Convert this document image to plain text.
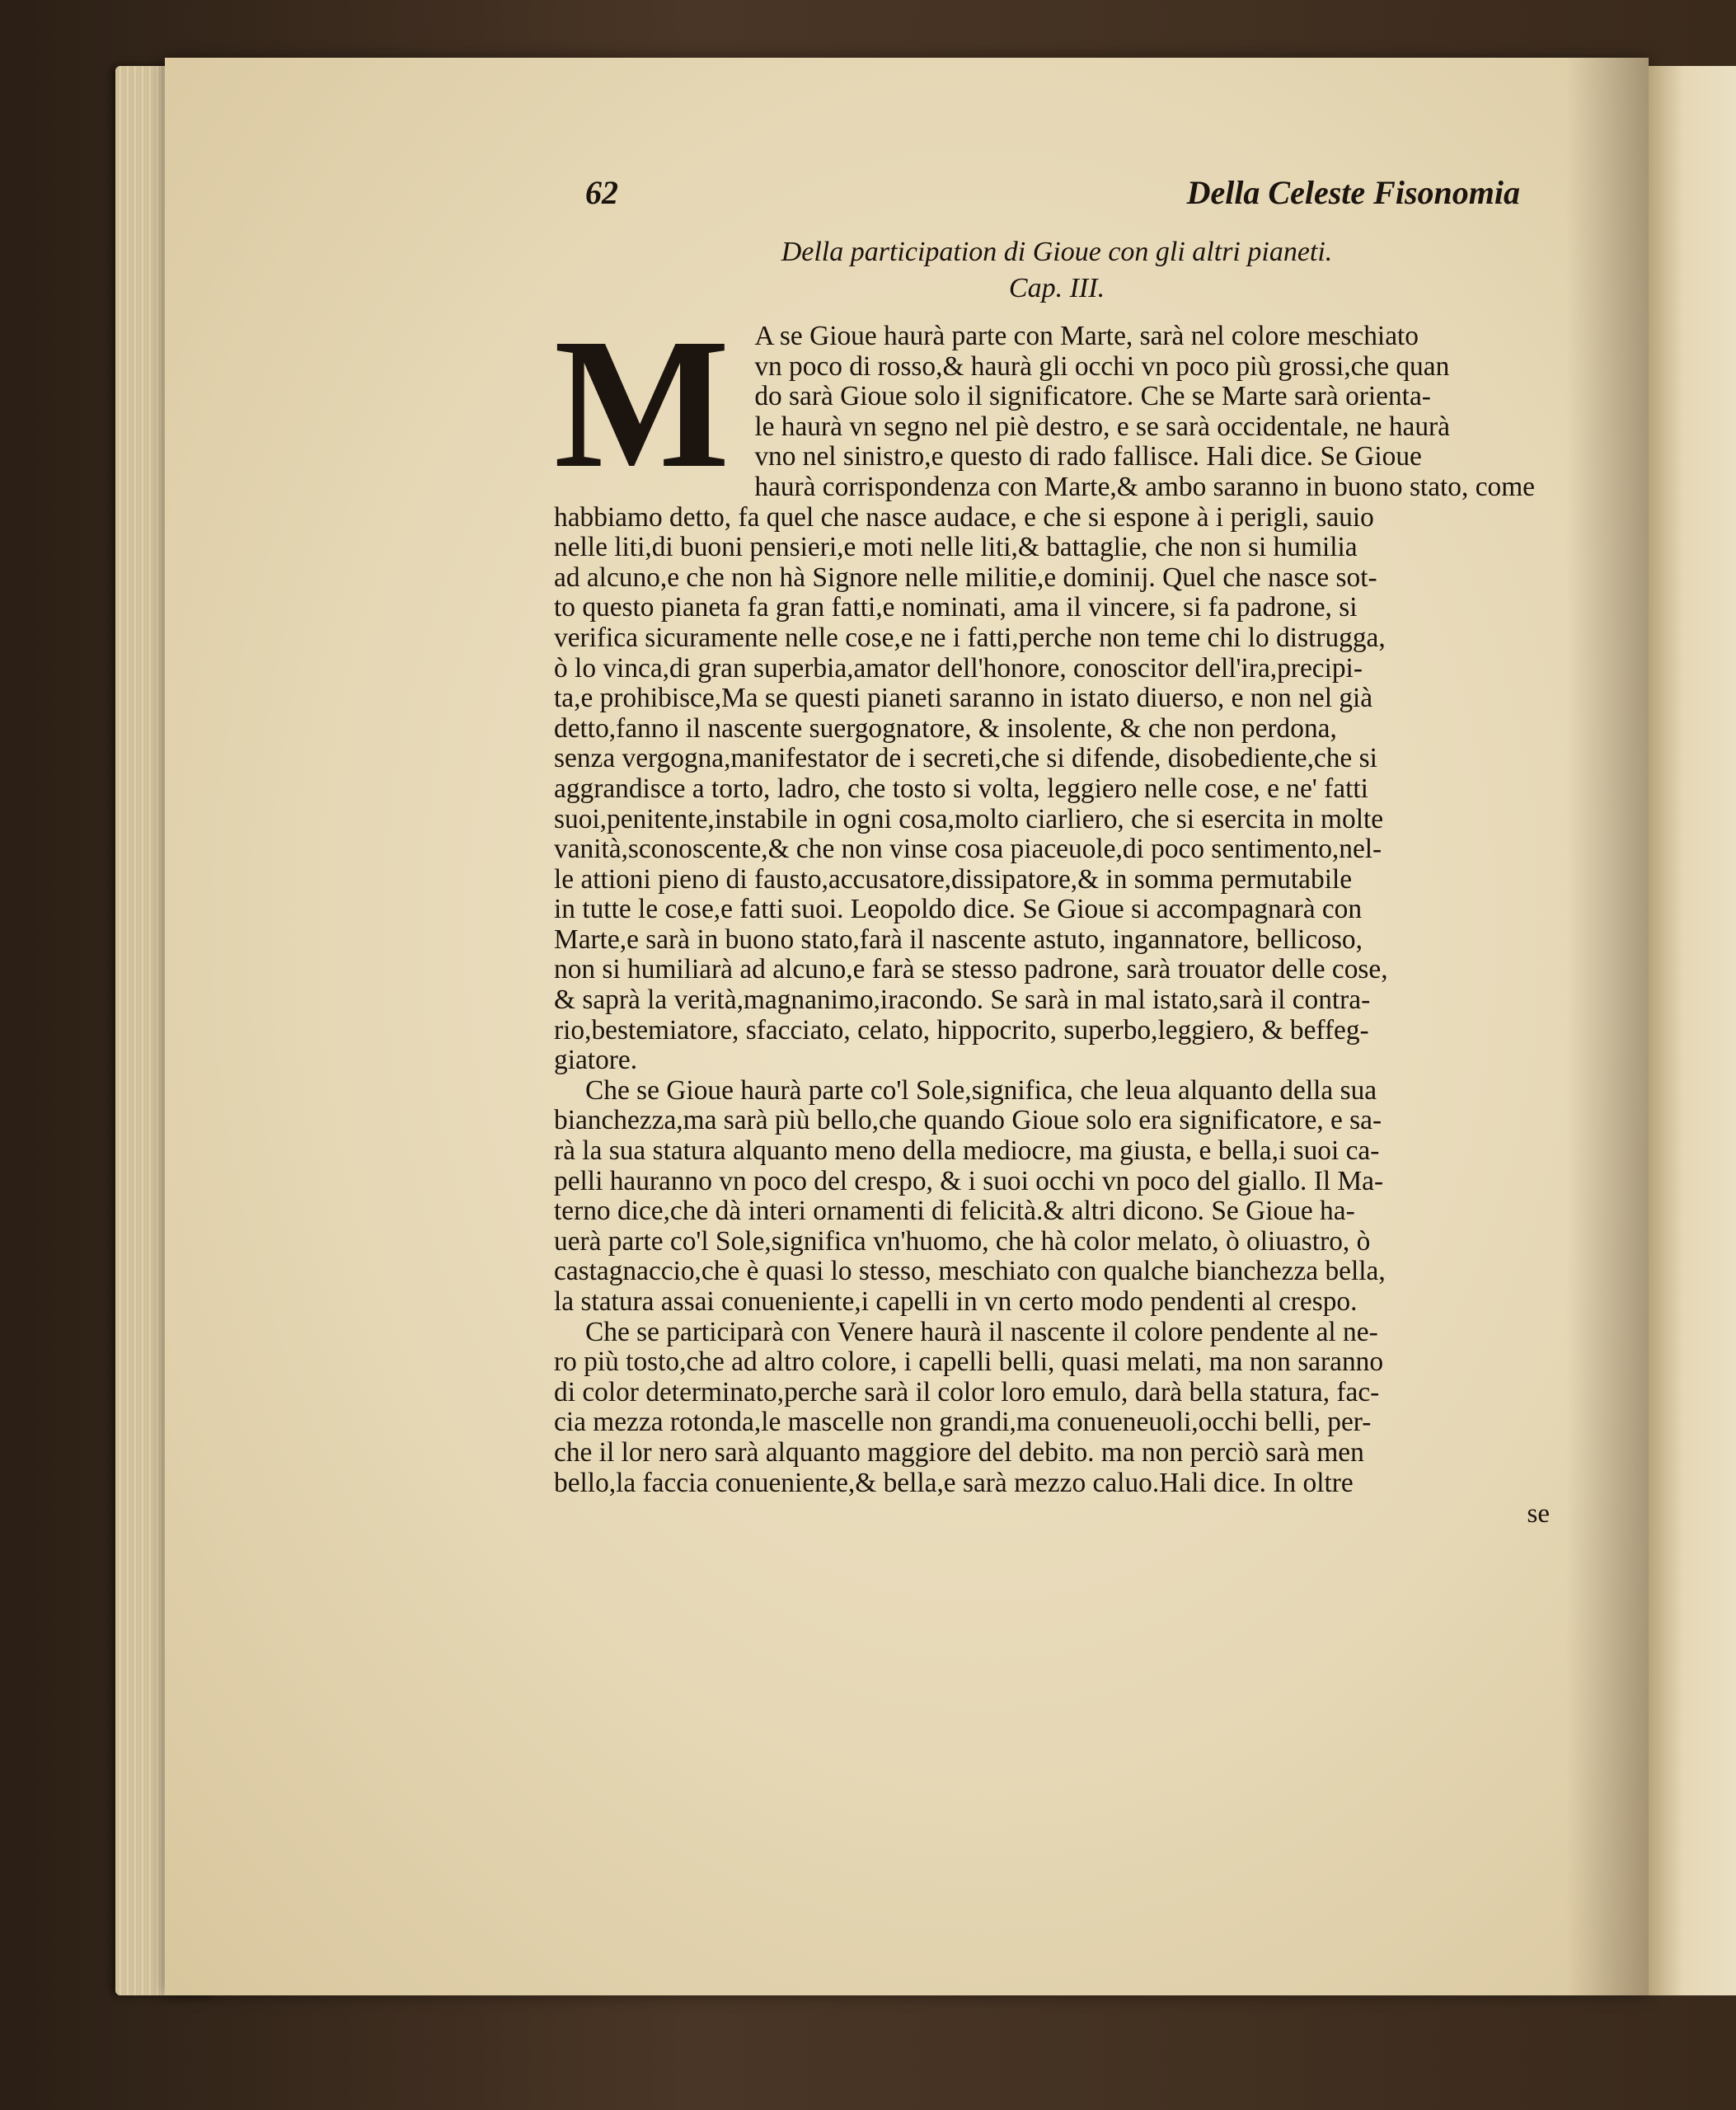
62	Della Celeste Fisonomia
Della participation di Gioue con gli altri pianeti.
Cap. III.
M A se Gioue haurà parte con Marte, sarà nel colore meschiato
vn poco di rosso,& haurà gli occhi vn poco più grossi,che quan
do sarà Gioue solo il significatore. Che se Marte sarà orienta-
le haurà vn segno nel piè destro, e se sarà occidentale, ne haurà
vno nel sinistro,e questo di rado fallisce. Hali dice. Se Gioue
haurà corrispondenza con Marte,& ambo saranno in buono stato, come
habbiamo detto, fa quel che nasce audace, e che si espone à i perigli, sauio
nelle liti,di buoni pensieri,e moti nelle liti,& battaglie, che non si humilia
ad alcuno,e che non hà Signore nelle militie,e dominij. Quel che nasce sot-
to questo pianeta fa gran fatti,e nominati, ama il vincere, si fa padrone, si
verifica sicuramente nelle cose,e ne i fatti,perche non teme chi lo distrugga,
ò lo vinca,di gran superbia,amator dell'honore, conoscitor dell'ira,precipi-
ta,e prohibisce,Ma se questi pianeti saranno in istato diuerso, e non nel già
detto,fanno il nascente suergognatore, & insolente, & che non perdona,
senza vergogna,manifestator de i secreti,che si difende, disobediente,che si
aggrandisce a torto, ladro, che tosto si volta, leggiero nelle cose, e ne' fatti
suoi,penitente,instabile in ogni cosa,molto ciarliero, che si esercita in molte
vanità,sconoscente,& che non vinse cosa piaceuole,di poco sentimento,nel-
le attioni pieno di fausto,accusatore,dissipatore,& in somma permutabile
in tutte le cose,e fatti suoi. Leopoldo dice. Se Gioue si accompagnarà con
Marte,e sarà in buono stato,farà il nascente astuto, ingannatore, bellicoso,
non si humiliarà ad alcuno,e farà se stesso padrone, sarà trouator delle cose,
& saprà la verità,magnanimo,iracondo. Se sarà in mal istato,sarà il contra-
rio,bestemiatore, sfacciato, celato, hippocrito, superbo,leggiero, & beffeg-
giatore.
Che se Gioue haurà parte co'l Sole,significa, che leua alquanto della sua
bianchezza,ma sarà più bello,che quando Gioue solo era significatore, e sa-
rà la sua statura alquanto meno della mediocre, ma giusta, e bella,i suoi ca-
pelli hauranno vn poco del crespo, & i suoi occhi vn poco del giallo. Il Ma-
terno dice,che dà interi ornamenti di felicità.& altri dicono. Se Gioue ha-
uerà parte co'l Sole,significa vn'huomo, che hà color melato, ò oliuastro, ò
castagnaccio,che è quasi lo stesso, meschiato con qualche bianchezza bella,
la statura assai conueniente,i capelli in vn certo modo pendenti al crespo.
Che se participarà con Venere haurà il nascente il colore pendente al ne-
ro più tosto,che ad altro colore, i capelli belli, quasi melati, ma non saranno
di color determinato,perche sarà il color loro emulo, darà bella statura, fac-
cia mezza rotonda,le mascelle non grandi,ma conueneuoli,occhi belli, per-
che il lor nero sarà alquanto maggiore del debito. ma non perciò sarà men
bello,la faccia conueniente,& bella,e sarà mezzo caluo.Hali dice. In oltre
se
